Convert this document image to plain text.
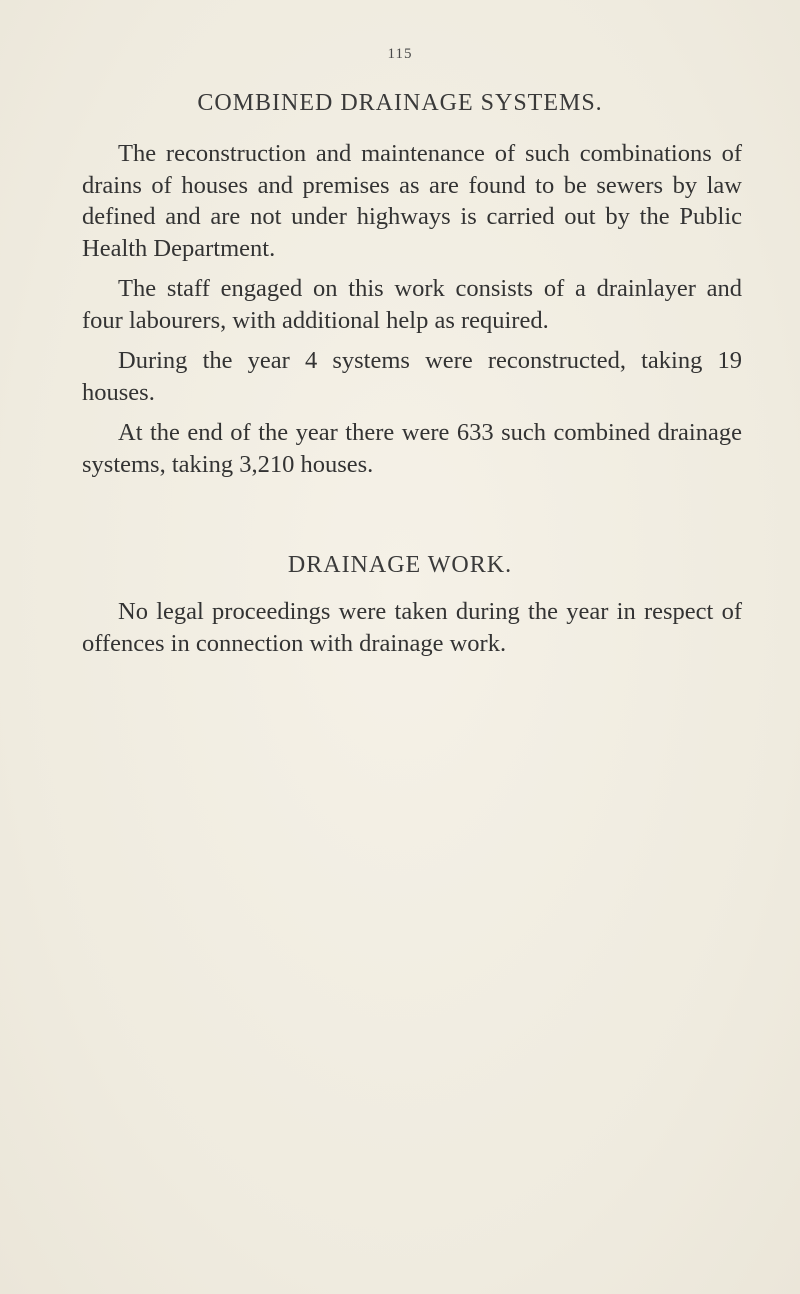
115
COMBINED DRAINAGE SYSTEMS.

The reconstruction and maintenance of such combinations of drains of houses and premises as are found to be sewers by law defined and are not under highways is carried out by the Public Health Department.

The staff engaged on this work consists of a drainlayer and four labourers, with additional help as required.

During the year 4 systems were reconstructed, taking 19 houses.

At the end of the year there were 633 such combined drainage systems, taking 3,210 houses.

DRAINAGE WORK.

No legal proceedings were taken during the year in respect of offences in connection with drainage work.
